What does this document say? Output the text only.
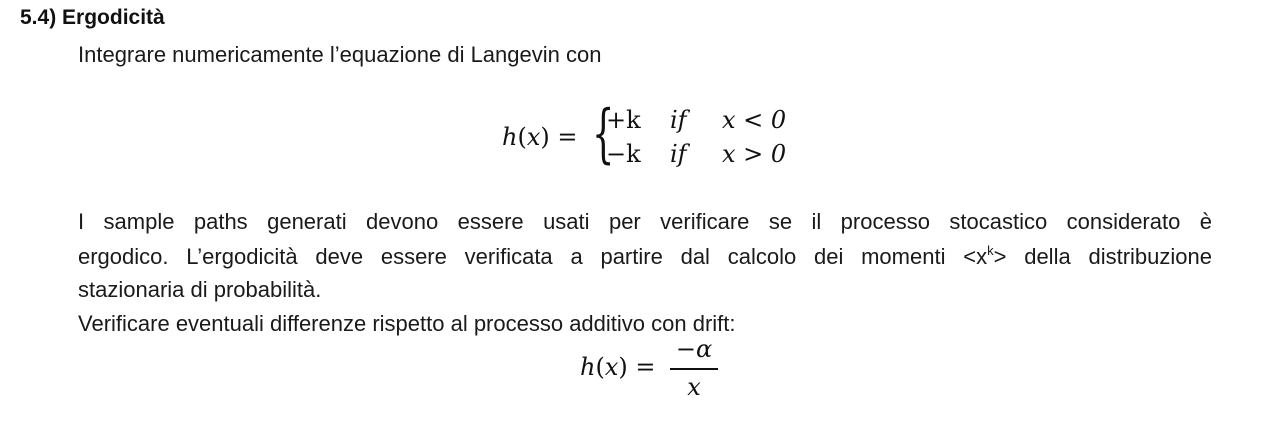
5.4) Ergodicità
Integrare numericamente l’equazione di Langevin con
h(x) = {
+k if x < 0
−k if x > 0
I sample paths generati devono essere usati per verificare se il processo stocastico considerato è
ergodico. L’ergodicità deve essere verificata a partire dal calcolo dei momenti $<x^k>$ della distribuzione
stazionaria di probabilità.
Verificare eventuali differenze rispetto al processo additivo con drift:
h(x) =
−α
x
